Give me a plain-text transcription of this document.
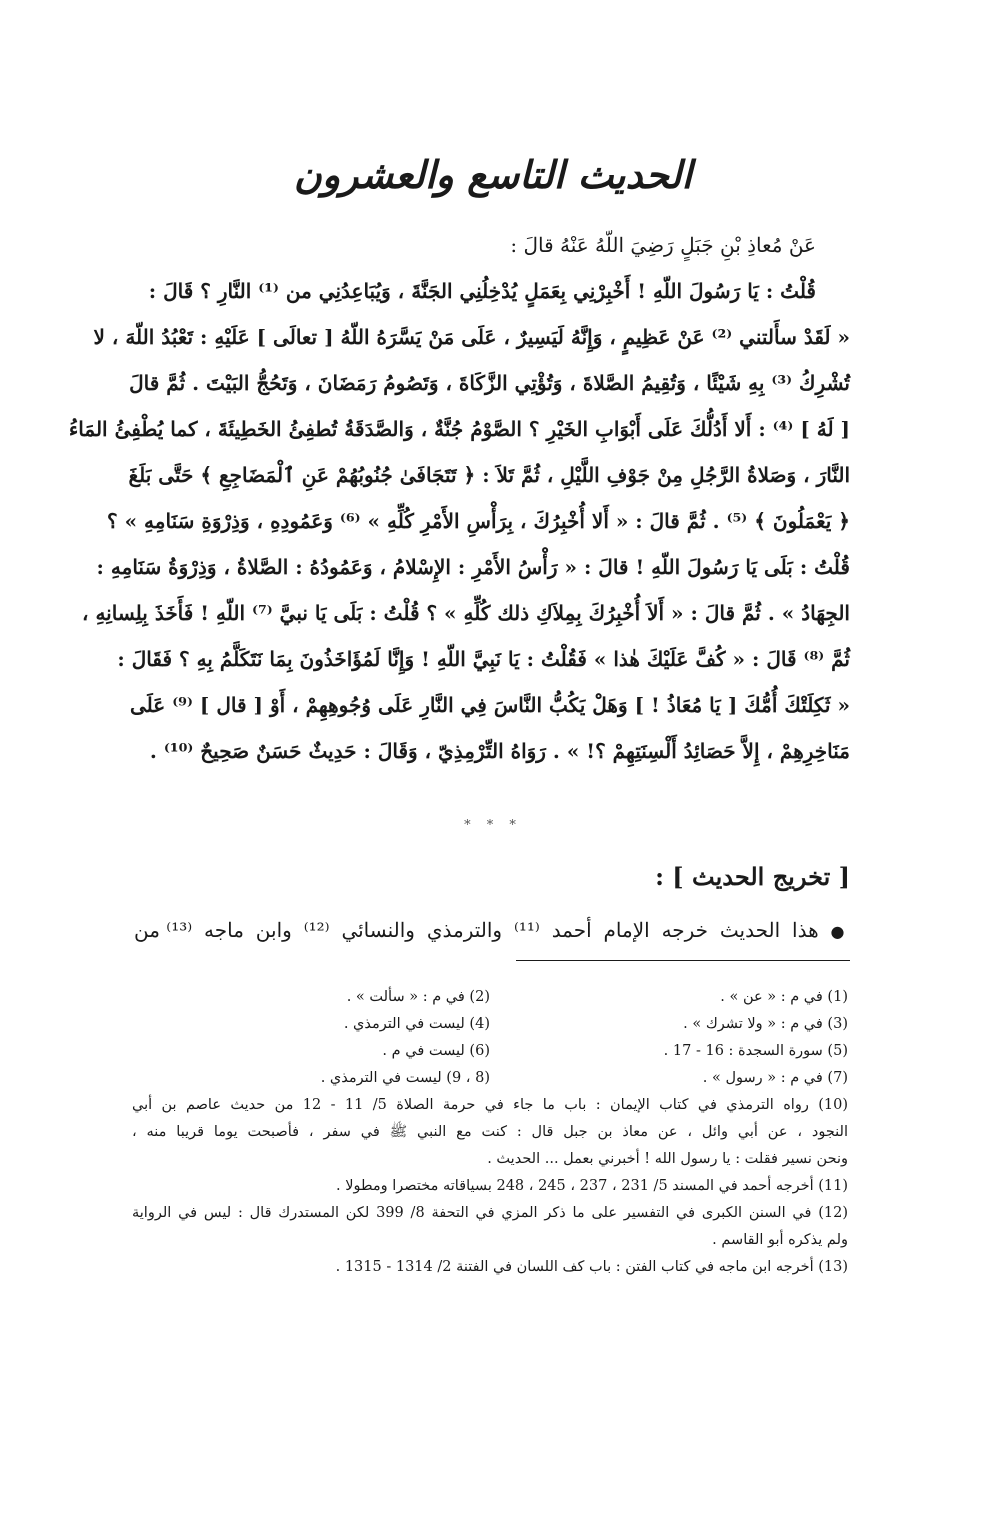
الحديث التاسع والعشرون
عَنْ مُعاذِ بْنِ جَبَلٍ رَضِيَ اللّهُ عَنْهُ قالَ :
قُلْتُ : يَا رَسُولَ اللّهِ ! أَخْبِرْنِي بِعَمَلٍ يُدْخِلُنِي الجَنَّةَ ، وَيُبَاعِدُنِي من ⁽¹⁾ النَّارِ ؟ قَالَ :
« لَقَدْ سأَلتني ⁽²⁾ عَنْ عَظِيمٍ ، وَإِنَّهُ لَيَسِيرٌ ، عَلَى مَنْ يَسَّرَهُ اللّهُ [ تعالَى ] عَلَيْهِ : تَعْبُدُ اللّهَ ، لا
تُشْرِكُ ⁽³⁾ بِهِ شَيْئًا ، وَتُقِيمُ الصَّلاةَ ، وَتُؤْتِي الزَّكَاةَ ، وَتَصُومُ رَمَضَانَ ، وَتَحُجُّ البَيْتَ . ثُمَّ قالَ
[ لَهُ ] ⁽⁴⁾ : أَلا أَدُلُّكَ عَلَى أَبْوَابِ الخَيْرِ ؟ الصَّوْمُ جُنَّةٌ ، وَالصَّدَقَةُ تُطفِئُ الخَطِيئَةَ ، كما يُطْفِئُ المَاءُ
النَّارَ ، وَصَلاةُ الرَّجُلِ مِنْ جَوْفِ اللَّيْلِ ، ثُمَّ تَلاَ : ﴿ تَتَجَافَىٰ جُنُوبُهُمْ عَنِ ٱلْمَضَاجِعِ ﴾ حَتَّى بَلَغَ
﴿ يَعْمَلُونَ ﴾ ⁽⁵⁾ . ثُمَّ قالَ : « أَلا أُخْبِرُكَ ، بِرَأْسِ الأَمْرِ كُلِّهِ » ⁽⁶⁾ وَعَمُودِهِ ، وَذِرْوَةِ سَنَامِهِ » ؟
قُلْتُ : بَلَى يَا رَسُولَ اللّهِ ! قالَ : « رَأْسُ الأَمْرِ : الإِسْلامُ ، وَعَمُودُهُ : الصَّلاةُ ، وَذِرْوَةُ سَنَامِهِ :
الجِهَادُ » . ثُمَّ قالَ : « أَلاَ أُخْبِرُكَ بِمِلاَكِ ذلك كُلِّهِ » ؟ قُلْتُ : بَلَى يَا نبيَّ ⁽⁷⁾ اللّهِ ! فَأَخَذَ بِلِسانِهِ ،
ثُمَّ ⁽⁸⁾ قَالَ : « كُفَّ عَلَيْكَ هٰذا » فَقُلْتُ : يَا نَبِيَّ اللّهِ ! وَإِنَّا لَمُؤَاخَذُونَ بِمَا نَتَكَلَّمُ بِهِ ؟ فَقَالَ :
« ثَكِلَتْكَ أُمُّكَ [ يَا مُعَاذُ ! ] وَهَلْ يَكُبُّ النَّاسَ فِي النَّارِ عَلَى وُجُوهِهِمْ ، أَوْ [ قال ] ⁽⁹⁾ عَلَى
مَنَاخِرِهِمْ ، إِلاَّ حَصَائِدُ أَلْسِنَتِهِمْ ؟! » . رَوَاهُ التِّرْمِذِيّ ، وَقَالَ : حَدِيثٌ حَسَنٌ صَحِيحٌ ⁽¹⁰⁾ .
* * *
[ تخريج الحديث ] :
● هذا الحديث خرجه الإمام أحمد ⁽¹¹⁾ والترمذي والنسائي ⁽¹²⁾ وابن ماجه ⁽¹³⁾ من
(1) في م : « عن » .
(2) في م : « سألت » .
(3) في م : « ولا تشرك » .
(4) ليست في الترمذي .
(5) سورة السجدة : 16 - 17 .
(6) ليست في م .
(7) في م : « رسول » .
(8 ، 9) ليست في الترمذي .
(10) رواه الترمذي في كتاب الإيمان : باب ما جاء في حرمة الصلاة 5/ 11 - 12 من حديث عاصم بن أبي
النجود ، عن أبي وائل ، عن معاذ بن جبل قال : كنت مع النبي ﷺ في سفر ، فأصبحت يوما قريبا منه ،
ونحن نسير فقلت : يا رسول الله ! أخبرني بعمل ... الحديث .
(11) أخرجه أحمد في المسند 5/ 231 ، 237 ، 245 ، 248 بسياقاته مختصرا ومطولا .
(12) في السنن الكبرى في التفسير على ما ذكر المزي في التحفة 8/ 399 لكن المستدرك قال : ليس في الرواية
ولم يذكره أبو القاسم .
(13) أخرجه ابن ماجه في كتاب الفتن : باب كف اللسان في الفتنة 2/ 1314 - 1315 .
